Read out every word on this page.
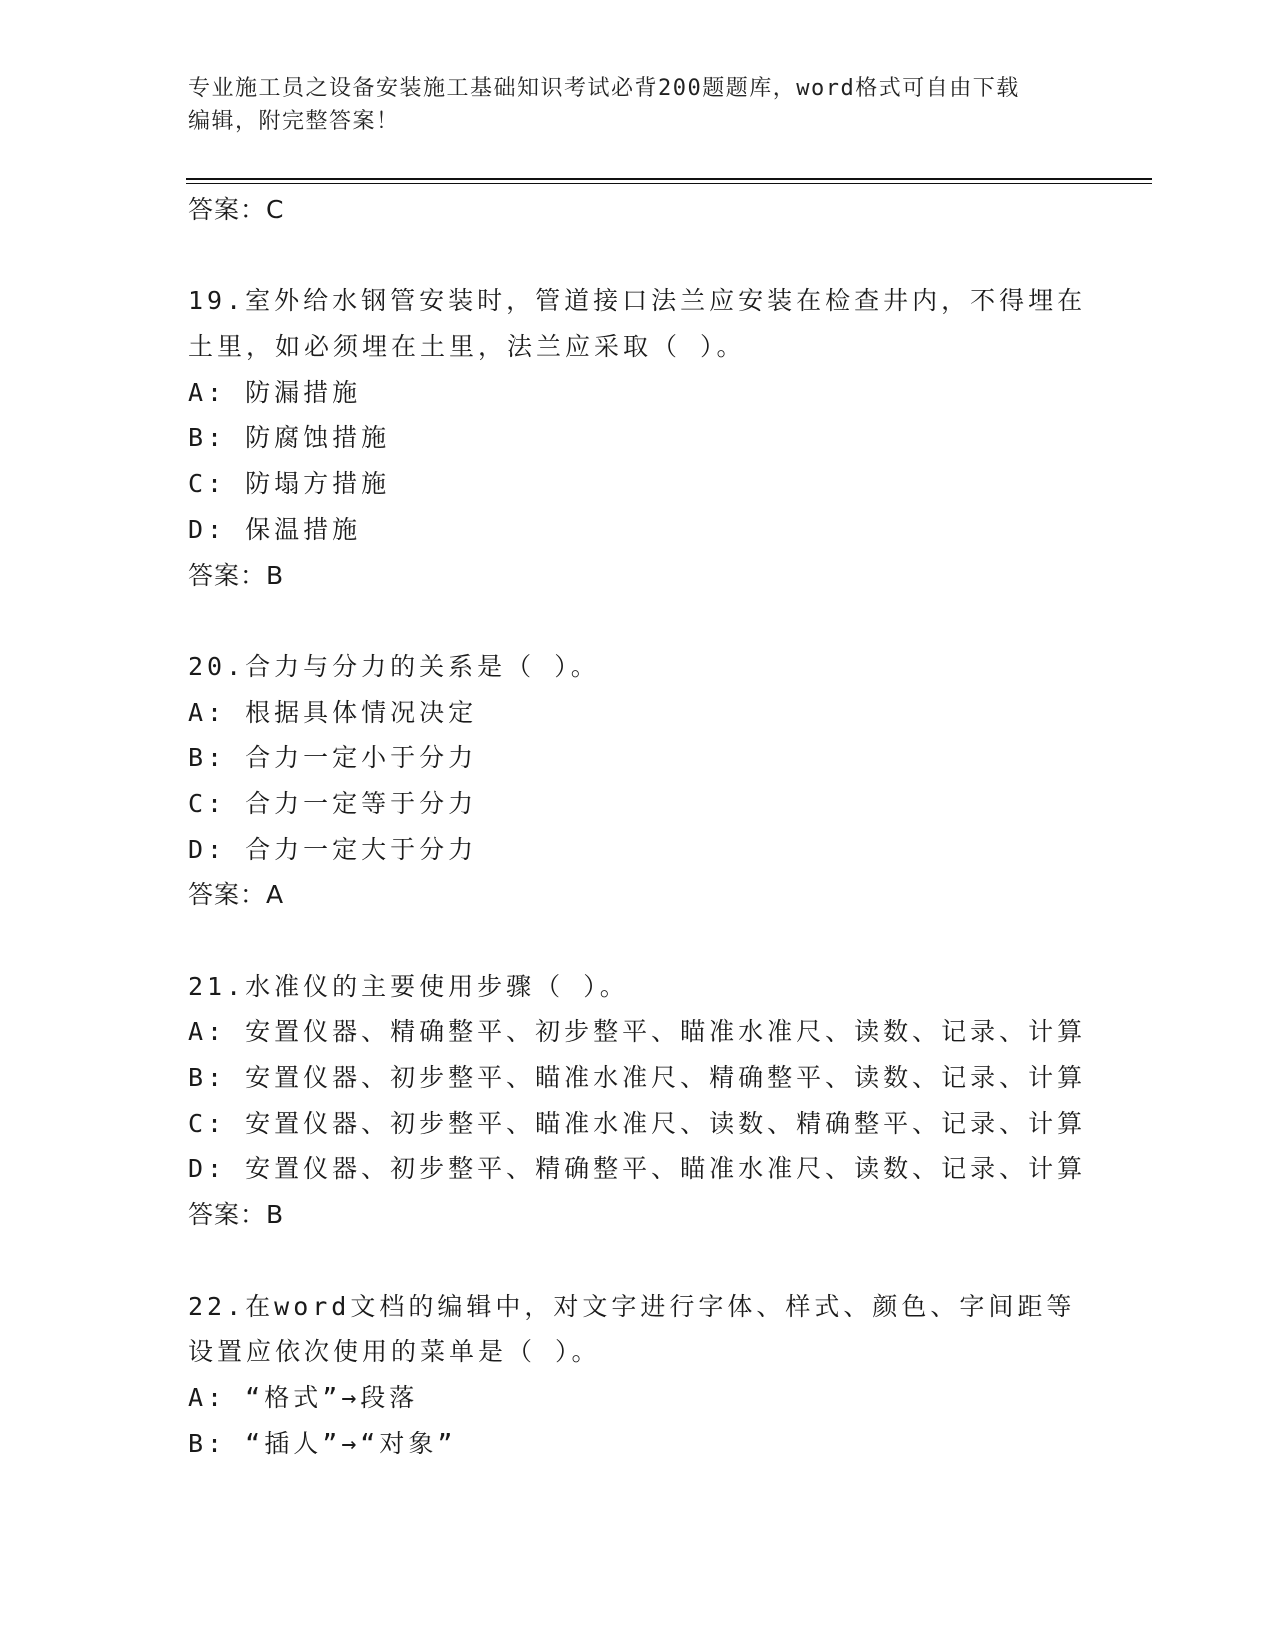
专业施工员之设备安装施工基础知识考试必背200题题库，word格式可自由下载
编辑，附完整答案！
答案：C
19.室外给水钢管安装时，管道接口法兰应安装在检查井内，不得埋在
土里，如必须埋在土里，法兰应采取（ ）。
A: 防漏措施
B: 防腐蚀措施
C: 防塌方措施
D: 保温措施
答案：B
20.合力与分力的关系是（ ）。
A: 根据具体情况决定
B: 合力一定小于分力
C: 合力一定等于分力
D: 合力一定大于分力
答案：A
21.水准仪的主要使用步骤（ ）。
A: 安置仪器、精确整平、初步整平、瞄准水准尺、读数、记录、计算
B: 安置仪器、初步整平、瞄准水准尺、精确整平、读数、记录、计算
C: 安置仪器、初步整平、瞄准水准尺、读数、精确整平、记录、计算
D: 安置仪器、初步整平、精确整平、瞄准水准尺、读数、记录、计算
答案：B
22.在word文档的编辑中，对文字进行字体、样式、颜色、字间距等
设置应依次使用的菜单是（ ）。
A: “格式”→段落
B: “插人”→“对象”
